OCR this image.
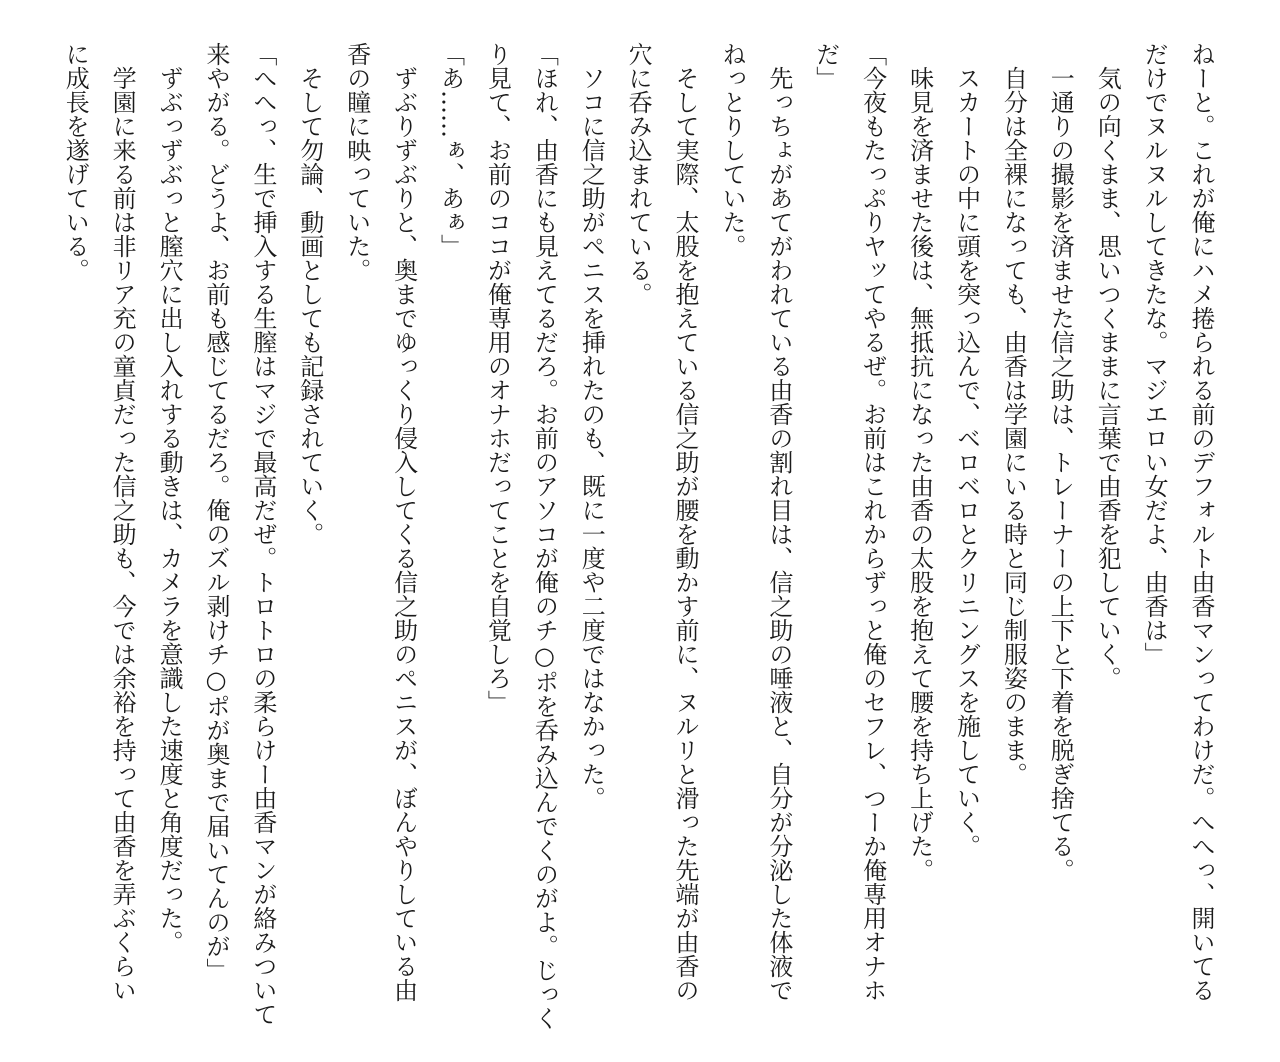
ねーと。これが俺にハメ捲られる前のデフォルト由香マンってわけだ。へへっ、開いてる
だけでヌルヌルしてきたな。マジエロい女だよ、由香は」
　気の向くまま、思いつくままに言葉で由香を犯していく。
　一通りの撮影を済ませた信之助は、トレーナーの上下と下着を脱ぎ捨てる。
　自分は全裸になっても、由香は学園にいる時と同じ制服姿のまま。
　スカートの中に頭を突っ込んで、ベロベロとクリニングスを施していく。
　味見を済ませた後は、無抵抗になった由香の太股を抱えて腰を持ち上げた。
「今夜もたっぷりヤッてやるぜ。お前はこれからずっと俺のセフレ、つーか俺専用オナホ
だ」
　先っちょがあてがわれている由香の割れ目は、信之助の唾液と、自分が分泌した体液で
ねっとりしていた。
　そして実際、太股を抱えている信之助が腰を動かす前に、ヌルリと滑った先端が由香の
穴に呑み込まれている。
　ソコに信之助がペニスを挿れたのも、既に一度や二度ではなかった。
「ほれ、由香にも見えてるだろ。お前のアソコが俺のチ○ポを呑み込んでくのがよ。じっく
り見て、お前のココが俺専用のオナホだってことを自覚しろ」
「あ……ぁ、あぁ」
　ずぶりずぶりと、奥までゆっくり侵入してくる信之助のペニスが、ぼんやりしている由
香の瞳に映っていた。
　そして勿論、動画としても記録されていく。
「へへっ、生で挿入する生膣はマジで最高だぜ。トロトロの柔らけー由香マンが絡みついて
来やがる。どうよ、お前も感じてるだろ。俺のズル剥けチ○ポが奥まで届いてんのが」
　ずぶっずぶっと膣穴に出し入れする動きは、カメラを意識した速度と角度だった。
　学園に来る前は非リア充の童貞だった信之助も、今では余裕を持って由香を弄ぶくらい
に成長を遂げている。
